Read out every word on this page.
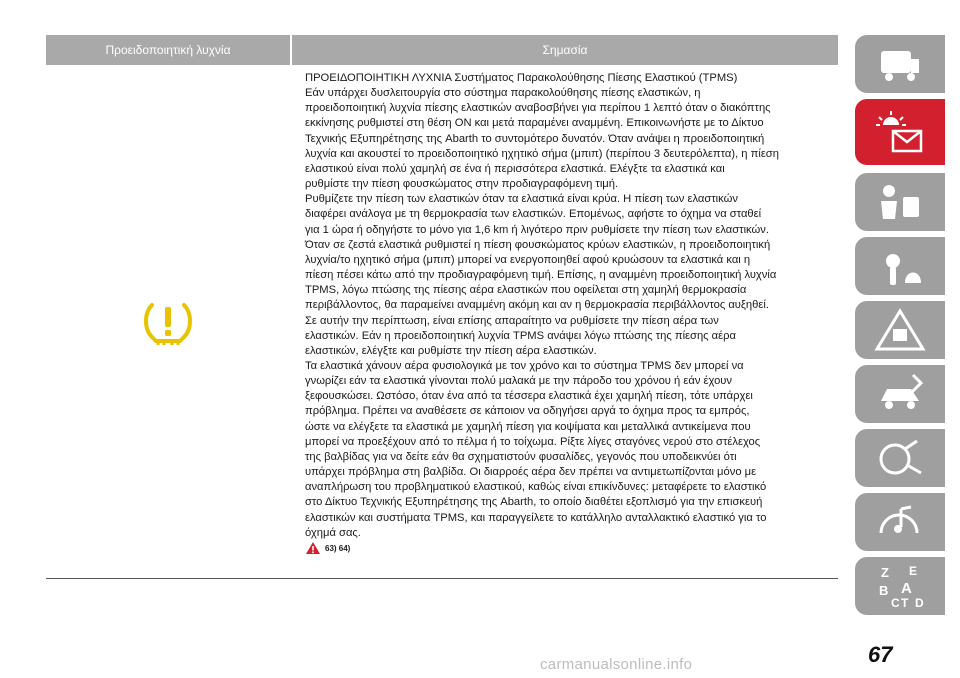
Προειδοποιητική λυχνία	Σημασία
ΠΡΟΕΙΔΟΠΟΙΗΤΙΚΗ ΛΥΧΝΙΑ Συστήματος Παρακολούθησης Πίεσης Ελαστικού (TPMS)
Εάν υπάρχει δυσλειτουργία στο σύστημα παρακολούθησης πίεσης ελαστικών, η
προειδοποιητική λυχνία πίεσης ελαστικών αναβοσβήνει για περίπου 1 λεπτό όταν ο διακόπτης
εκκίνησης ρυθμιστεί στη θέση ON και μετά παραμένει αναμμένη. Επικοινωνήστε με το Δίκτυο
Τεχνικής Εξυπηρέτησης της Abarth το συντομότερο δυνατόν. Όταν ανάψει η προειδοποιητική
λυχνία και ακουστεί το προειδοποιητικό ηχητικό σήμα (μπιπ) (περίπου 3 δευτερόλεπτα), η πίεση
ελαστικού είναι πολύ χαμηλή σε ένα ή περισσότερα ελαστικά. Ελέγξτε τα ελαστικά και
ρυθμίστε την πίεση φουσκώματος στην προδιαγραφόμενη τιμή.
Ρυθμίζετε την πίεση των ελαστικών όταν τα ελαστικά είναι κρύα. Η πίεση των ελαστικών
διαφέρει ανάλογα με τη θερμοκρασία των ελαστικών. Επομένως, αφήστε το όχημα να σταθεί
για 1 ώρα ή οδηγήστε το μόνο για 1,6 km ή λιγότερο πριν ρυθμίσετε την πίεση των ελαστικών.
Όταν σε ζεστά ελαστικά ρυθμιστεί η πίεση φουσκώματος κρύων ελαστικών, η προειδοποιητική
λυχνία/το ηχητικό σήμα (μπιπ) μπορεί να ενεργοποιηθεί αφού κρυώσουν τα ελαστικά και η
πίεση πέσει κάτω από την προδιαγραφόμενη τιμή. Επίσης, η αναμμένη προειδοποιητική λυχνία
TPMS, λόγω πτώσης της πίεσης αέρα ελαστικών που οφείλεται στη χαμηλή θερμοκρασία
περιβάλλοντος, θα παραμείνει αναμμένη ακόμη και αν η θερμοκρασία περιβάλλοντος αυξηθεί.
Σε αυτήν την περίπτωση, είναι επίσης απαραίτητο να ρυθμίσετε την πίεση αέρα των
ελαστικών. Εάν η προειδοποιητική λυχνία TPMS ανάψει λόγω πτώσης της πίεσης αέρα
ελαστικών, ελέγξτε και ρυθμίστε την πίεση αέρα ελαστικών.
Τα ελαστικά χάνουν αέρα φυσιολογικά με τον χρόνο και το σύστημα TPMS δεν μπορεί να
γνωρίζει εάν τα ελαστικά γίνονται πολύ μαλακά με την πάροδο του χρόνου ή εάν έχουν
ξεφουσκώσει. Ωστόσο, όταν ένα από τα τέσσερα ελαστικά έχει χαμηλή πίεση, τότε υπάρχει
πρόβλημα. Πρέπει να αναθέσετε σε κάποιον να οδηγήσει αργά το όχημα προς τα εμπρός,
ώστε να ελέγξετε τα ελαστικά με χαμηλή πίεση για κοψίματα και μεταλλικά αντικείμενα που
μπορεί να προεξέχουν από το πέλμα ή το τοίχωμα. Ρίξτε λίγες σταγόνες νερού στο στέλεχος
της βαλβίδας για να δείτε εάν θα σχηματιστούν φυσαλίδες, γεγονός που υποδεικνύει ότι
υπάρχει πρόβλημα στη βαλβίδα. Οι διαρροές αέρα δεν πρέπει να αντιμετωπίζονται μόνο με
αναπλήρωση του προβληματικού ελαστικού, καθώς είναι επικίνδυνες: μεταφέρετε το ελαστικό
στο Δίκτυο Τεχνικής Εξυπηρέτησης της Abarth, το οποίο διαθέτει εξοπλισμό για την επισκευή
ελαστικών και συστήματα TPMS, και παραγγείλετε το κατάλληλο ανταλλακτικό ελαστικό για το
όχημά σας.
63) 64)
Z E
B A
C T D
67
carmanualsonline.info
